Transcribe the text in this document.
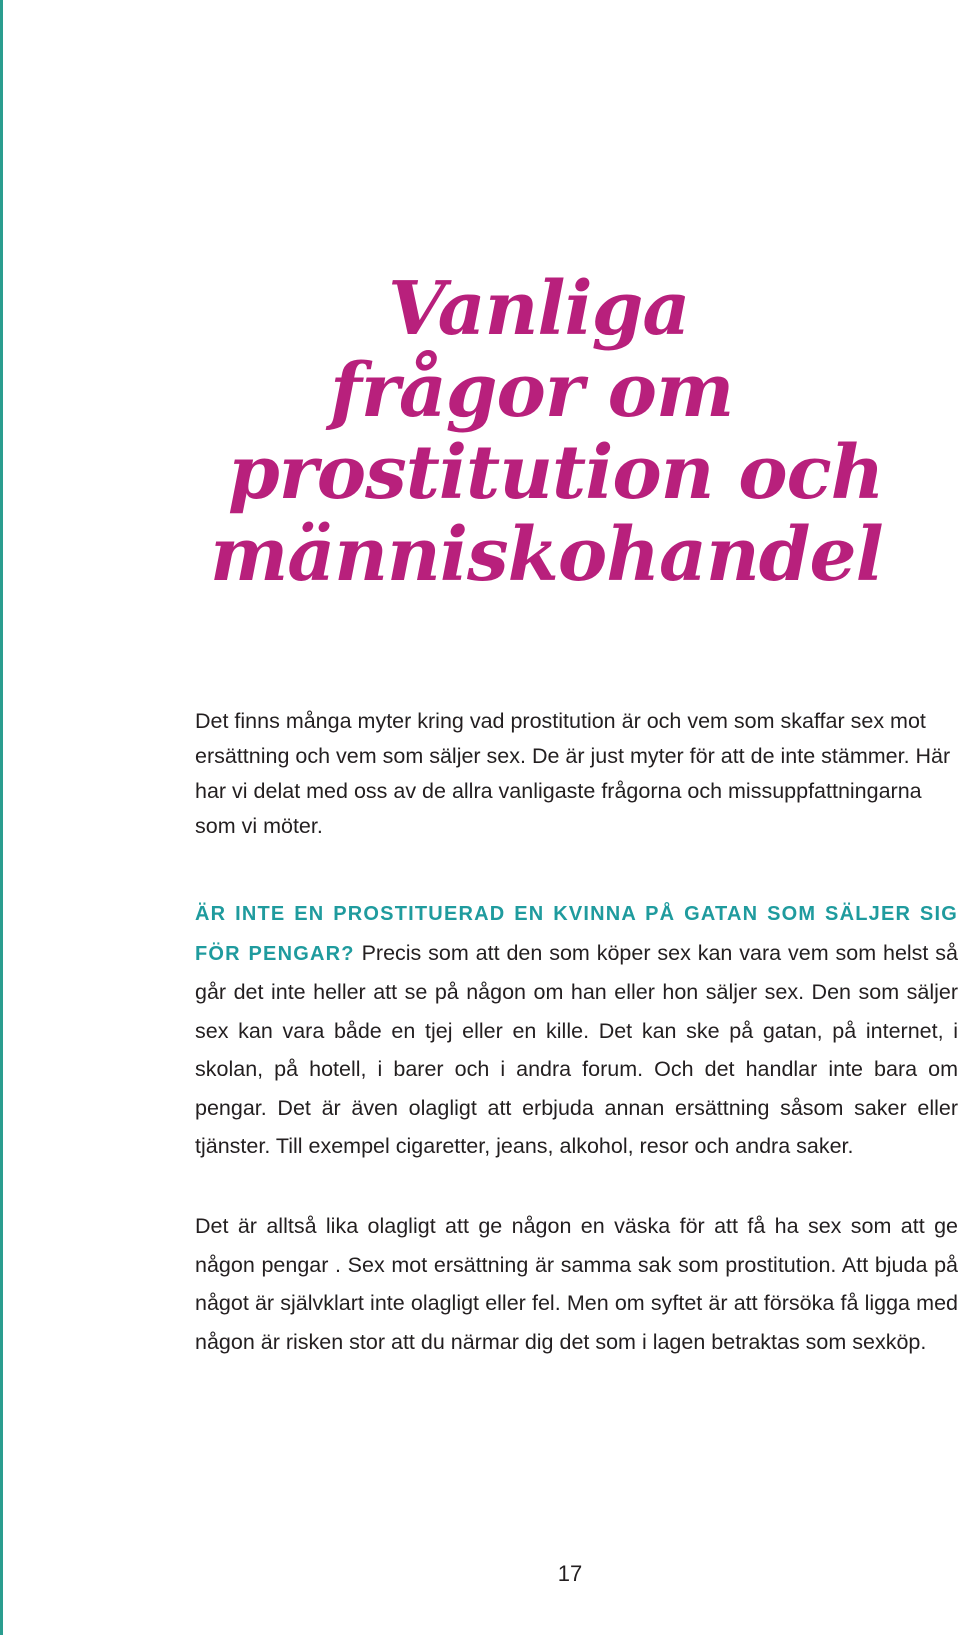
Vanliga
frågor om
prostitution och
människohandel

Det finns många myter kring vad prostitution är och vem som skaffar sex mot ersättning och vem som säljer sex. De är just myter för att de inte stämmer. Här har vi delat med oss av de allra vanligaste frågorna och missuppfattningarna som vi möter.

ÄR INTE EN PROSTITUERAD EN KVINNA PÅ GATAN SOM SÄLJER SIG FÖR PENGAR? Precis som att den som köper sex kan vara vem som helst så går det inte heller att se på någon om han eller hon säljer sex. Den som säljer sex kan vara både en tjej eller en kille. Det kan ske på gatan, på internet, i skolan, på hotell, i barer och i andra forum. Och det handlar inte bara om pengar. Det är även olagligt att erbjuda annan ersättning såsom saker eller tjänster. Till exempel cigaretter, jeans, alkohol, resor och andra saker.

Det är alltså lika olagligt att ge någon en väska för att få ha sex som att ge någon pengar . Sex mot ersättning är samma sak som prostitution. Att bjuda på något är självklart inte olagligt eller fel. Men om syftet är att försöka få ligga med någon är risken stor att du närmar dig det som i lagen betraktas som sexköp.

17
